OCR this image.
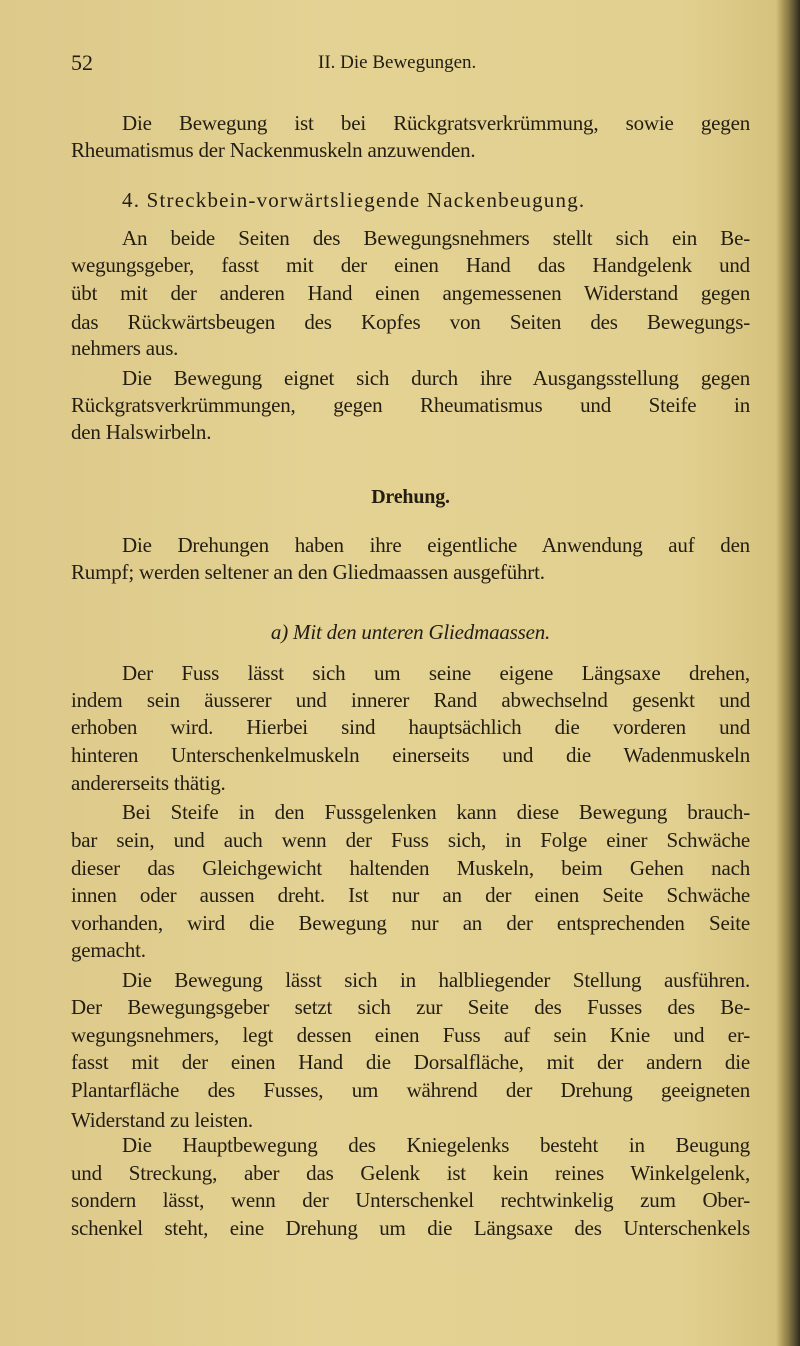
52	II. Die Bewegungen.
Die Bewegung ist bei Rückgratsverkrümmung, sowie gegen
Rheumatismus der Nackenmuskeln anzuwenden.
4. Streckbein-vorwärtsliegende Nackenbeugung.
An beide Seiten des Bewegungsnehmers stellt sich ein Be-
wegungsgeber, fasst mit der einen Hand das Handgelenk und
übt mit der anderen Hand einen angemessenen Widerstand gegen
das Rückwärtsbeugen des Kopfes von Seiten des Bewegungs-
nehmers aus.
Die Bewegung eignet sich durch ihre Ausgangsstellung gegen
Rückgratsverkrümmungen, gegen Rheumatismus und Steife in
den Halswirbeln.
Drehung.
Die Drehungen haben ihre eigentliche Anwendung auf den
Rumpf; werden seltener an den Gliedmaassen ausgeführt.
a) Mit den unteren Gliedmaassen.
Der Fuss lässt sich um seine eigene Längsaxe drehen,
indem sein äusserer und innerer Rand abwechselnd gesenkt und
erhoben wird. Hierbei sind hauptsächlich die vorderen und
hinteren Unterschenkelmuskeln einerseits und die Wadenmuskeln
andererseits thätig.
Bei Steife in den Fussgelenken kann diese Bewegung brauch-
bar sein, und auch wenn der Fuss sich, in Folge einer Schwäche
dieser das Gleichgewicht haltenden Muskeln, beim Gehen nach
innen oder aussen dreht. Ist nur an der einen Seite Schwäche
vorhanden, wird die Bewegung nur an der entsprechenden Seite
gemacht.
Die Bewegung lässt sich in halbliegender Stellung ausführen.
Der Bewegungsgeber setzt sich zur Seite des Fusses des Be-
wegungsnehmers, legt dessen einen Fuss auf sein Knie und er-
fasst mit der einen Hand die Dorsalfläche, mit der andern die
Plantarfläche des Fusses, um während der Drehung geeigneten
Widerstand zu leisten.
Die Hauptbewegung des Kniegelenks besteht in Beugung
und Streckung, aber das Gelenk ist kein reines Winkelgelenk,
sondern lässt, wenn der Unterschenkel rechtwinkelig zum Ober-
schenkel steht, eine Drehung um die Längsaxe des Unterschenkels
